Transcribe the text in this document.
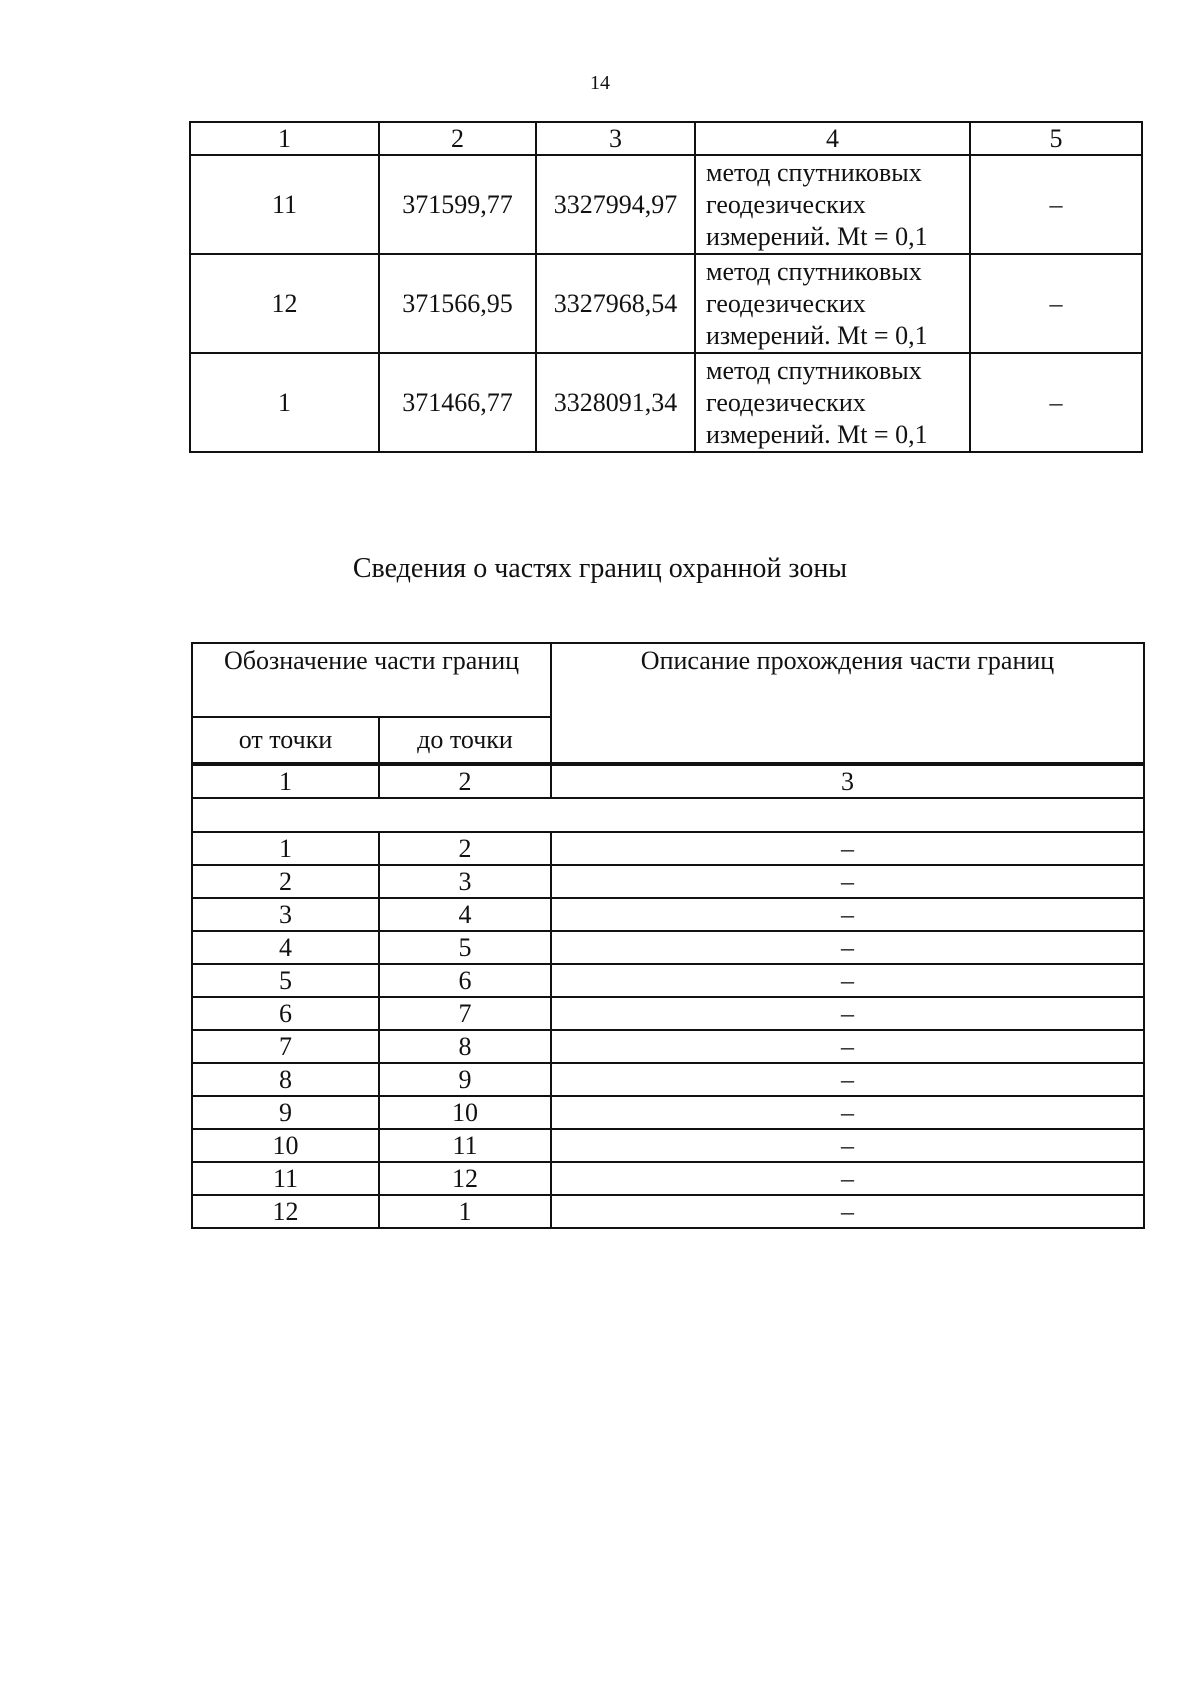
14
1	2	3	4	5
11	371599,77	3327994,97	метод спутниковых
геодезических
измерений. Mt = 0,1	–
12	371566,95	3327968,54	метод спутниковых
геодезических
измерений. Mt = 0,1	–
1	371466,77	3328091,34	метод спутниковых
геодезических
измерений. Mt = 0,1	–
Сведения о частях границ охранной зоны
Обозначение части границ		Описание прохождения части границ
от точки	до точки	
1	2	3

1	2	–
2	3	–
3	4	–
4	5	–
5	6	–
6	7	–
7	8	–
8	9	–
9	10	–
10	11	–
11	12	–
12	1	–
